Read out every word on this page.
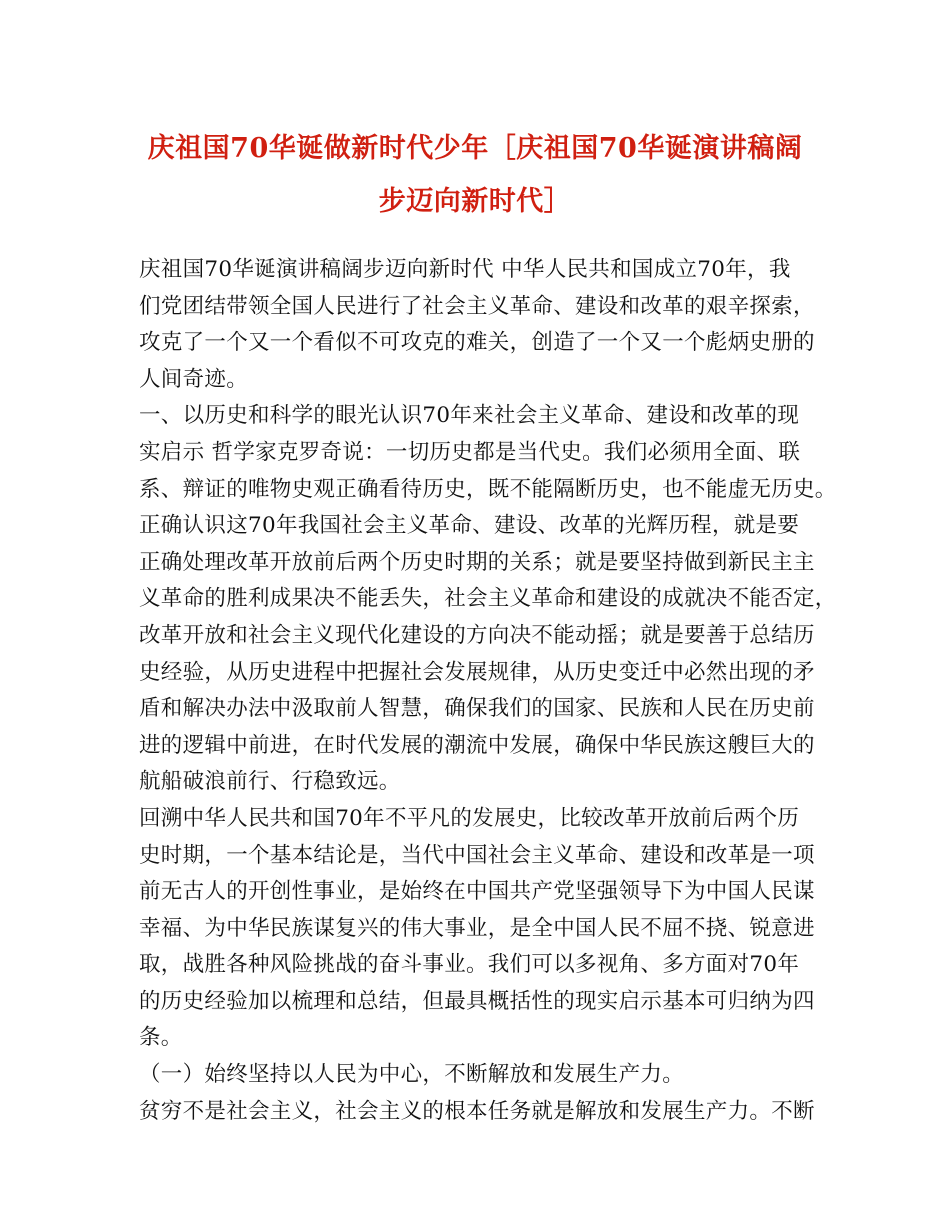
庆祖国70华诞做新时代少年［庆祖国70华诞演讲稿阔
步迈向新时代］
庆祖国70华诞演讲稿阔步迈向新时代 中华人民共和国成立70年，我
们党团结带领全国人民进行了社会主义革命、建设和改革的艰辛探索，
攻克了一个又一个看似不可攻克的难关，创造了一个又一个彪炳史册的
人间奇迹。
一、以历史和科学的眼光认识70年来社会主义革命、建设和改革的现
实启示 哲学家克罗奇说：一切历史都是当代史。我们必须用全面、联
系、辩证的唯物史观正确看待历史，既不能隔断历史，也不能虚无历史。
正确认识这70年我国社会主义革命、建设、改革的光辉历程，就是要
正确处理改革开放前后两个历史时期的关系；就是要坚持做到新民主主
义革命的胜利成果决不能丢失，社会主义革命和建设的成就决不能否定，
改革开放和社会主义现代化建设的方向决不能动摇；就是要善于总结历
史经验，从历史进程中把握社会发展规律，从历史变迁中必然出现的矛
盾和解决办法中汲取前人智慧，确保我们的国家、民族和人民在历史前
进的逻辑中前进，在时代发展的潮流中发展，确保中华民族这艘巨大的
航船破浪前行、行稳致远。
回溯中华人民共和国70年不平凡的发展史，比较改革开放前后两个历
史时期，一个基本结论是，当代中国社会主义革命、建设和改革是一项
前无古人的开创性事业，是始终在中国共产党坚强领导下为中国人民谋
幸福、为中华民族谋复兴的伟大事业，是全中国人民不屈不挠、锐意进
取，战胜各种风险挑战的奋斗事业。我们可以多视角、多方面对70年
的历史经验加以梳理和总结，但最具概括性的现实启示基本可归纳为四
条。
（一）始终坚持以人民为中心，不断解放和发展生产力。
贫穷不是社会主义，社会主义的根本任务就是解放和发展生产力。不断
